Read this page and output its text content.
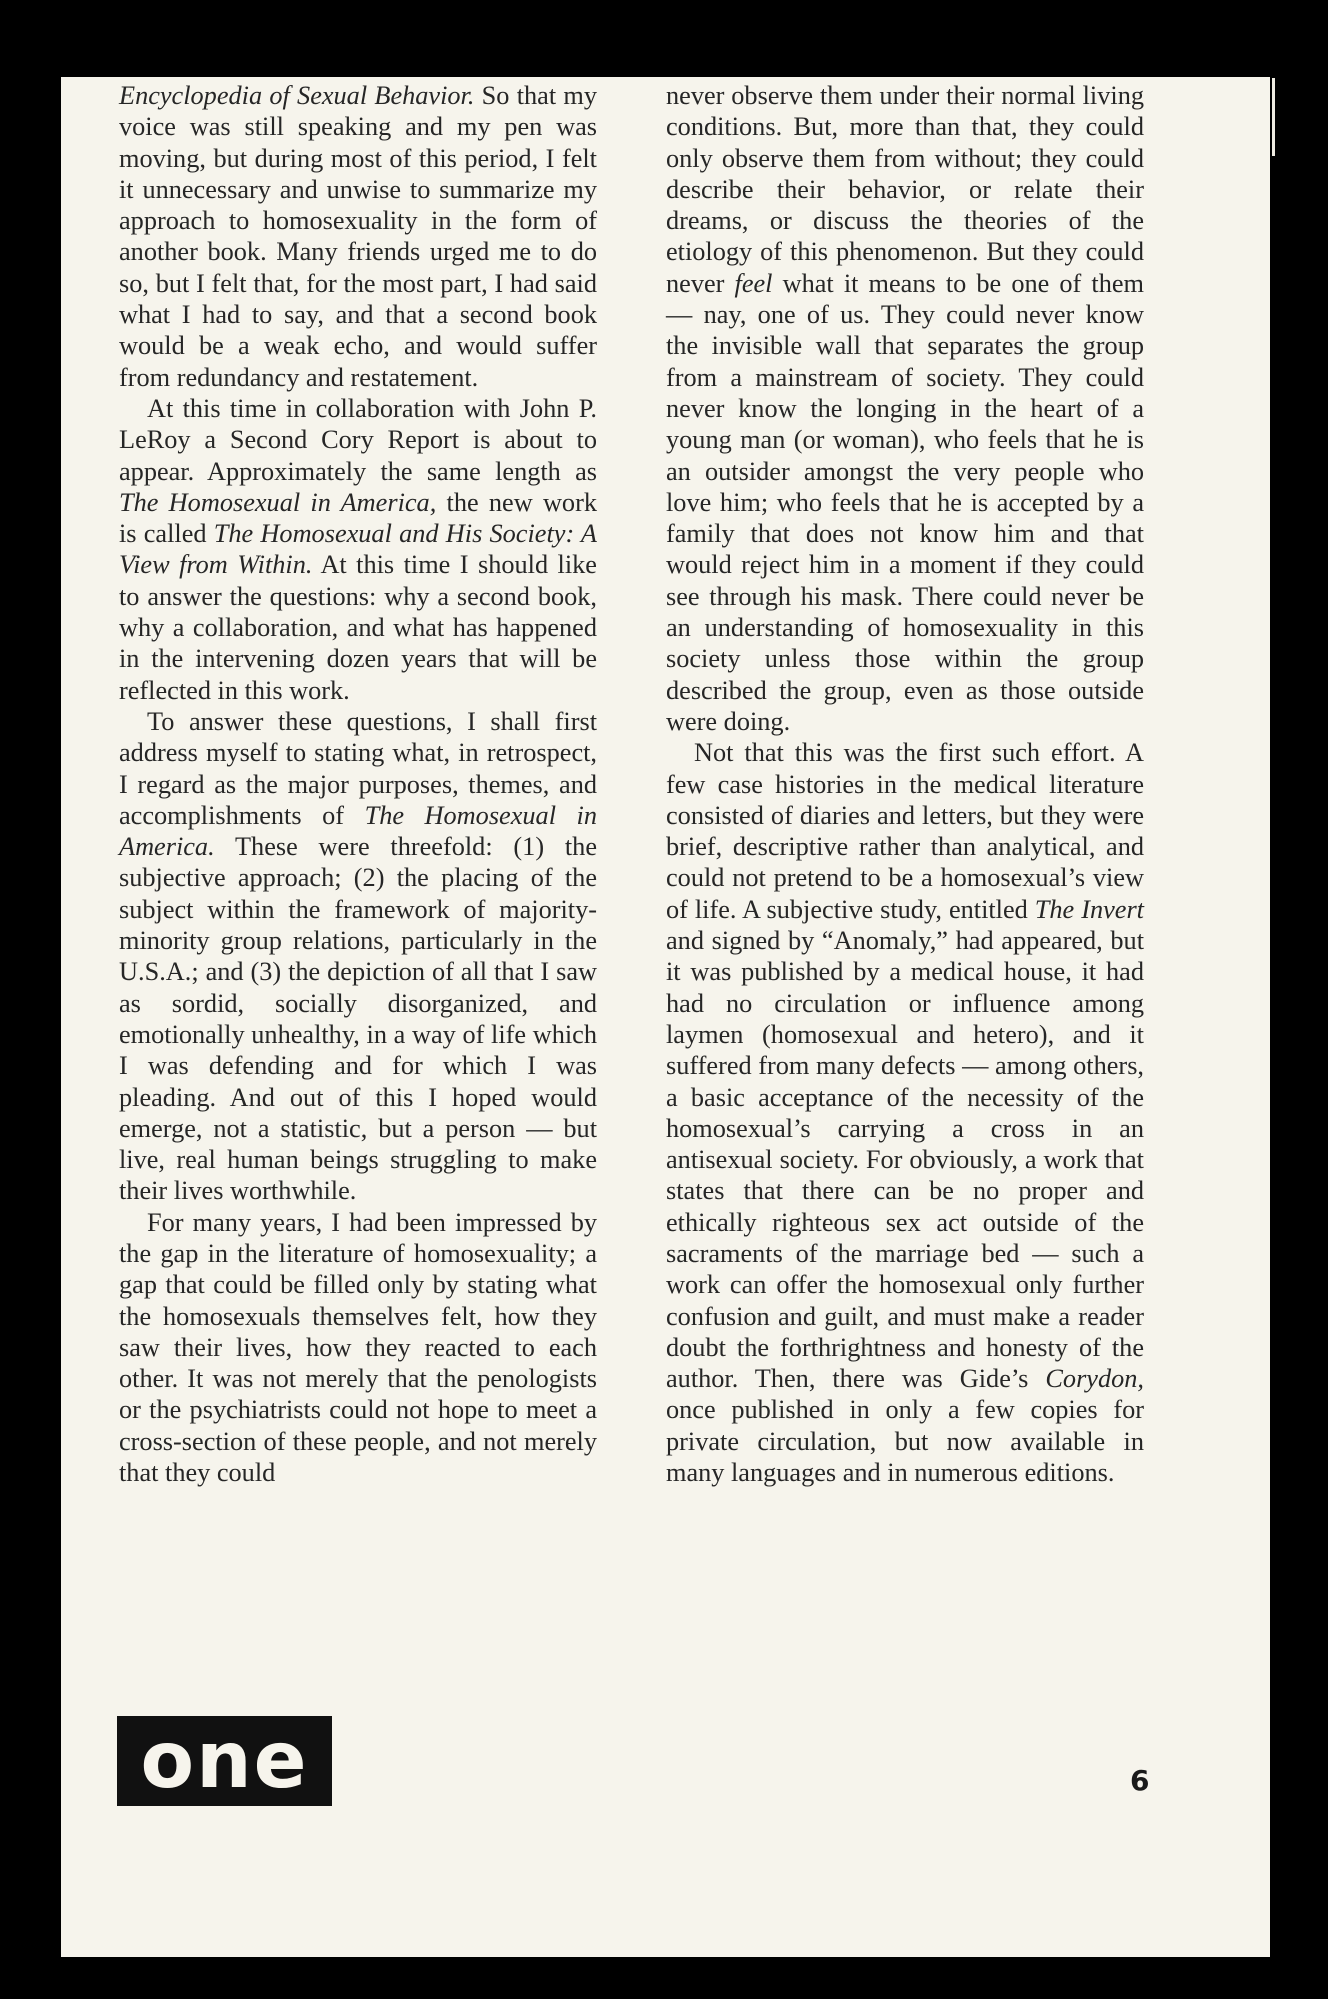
Encyclopedia of Sexual Behavior. So that my voice was still speaking and my pen was moving, but during most of this period, I felt it unnecessary and unwise to summarize my approach to homosexuality in the form of another book. Many friends urged me to do so, but I felt that, for the most part, I had said what I had to say, and that a second book would be a weak echo, and would suffer from redundancy and restatement.

At this time in collaboration with John P. LeRoy a Second Cory Report is about to appear. Approximately the same length as The Homosexual in America, the new work is called The Homosexual and His Society: A View from Within. At this time I should like to answer the questions: why a second book, why a collaboration, and what has happened in the intervening dozen years that will be reflected in this work.

To answer these questions, I shall first address myself to stating what, in retrospect, I regard as the major purposes, themes, and accomplishments of The Homosexual in America. These were threefold: (1) the subjective approach; (2) the placing of the subject within the framework of majority-minority group relations, particularly in the U.S.A.; and (3) the depiction of all that I saw as sordid, socially disorganized, and emotionally unhealthy, in a way of life which I was defending and for which I was pleading. And out of this I hoped would emerge, not a statistic, but a person — but live, real human beings struggling to make their lives worthwhile.

For many years, I had been impressed by the gap in the literature of homosexuality; a gap that could be filled only by stating what the homosexuals themselves felt, how they saw their lives, how they reacted to each other. It was not merely that the penologists or the psychiatrists could not hope to meet a cross-section of these people, and not merely that they could

never observe them under their normal living conditions. But, more than that, they could only observe them from without; they could describe their behavior, or relate their dreams, or discuss the theories of the etiology of this phenomenon. But they could never feel what it means to be one of them — nay, one of us. They could never know the invisible wall that separates the group from a mainstream of society. They could never know the longing in the heart of a young man (or woman), who feels that he is an outsider amongst the very people who love him; who feels that he is accepted by a family that does not know him and that would reject him in a moment if they could see through his mask. There could never be an understanding of homosexuality in this society unless those within the group described the group, even as those outside were doing.

Not that this was the first such effort. A few case histories in the medical literature consisted of diaries and letters, but they were brief, descriptive rather than analytical, and could not pretend to be a homosexual’s view of life. A subjective study, entitled The Invert and signed by “Anomaly,” had appeared, but it was published by a medical house, it had had no circulation or influence among laymen (homosexual and hetero), and it suffered from many defects — among others, a basic acceptance of the necessity of the homosexual’s carrying a cross in an antisexual society. For obviously, a work that states that there can be no proper and ethically righteous sex act outside of the sacraments of the marriage bed — such a work can offer the homosexual only further confusion and guilt, and must make a reader doubt the forthrightness and honesty of the author. Then, there was Gide’s Corydon, once published in only a few copies for private circulation, but now available in many languages and in numerous editions.

one	6
